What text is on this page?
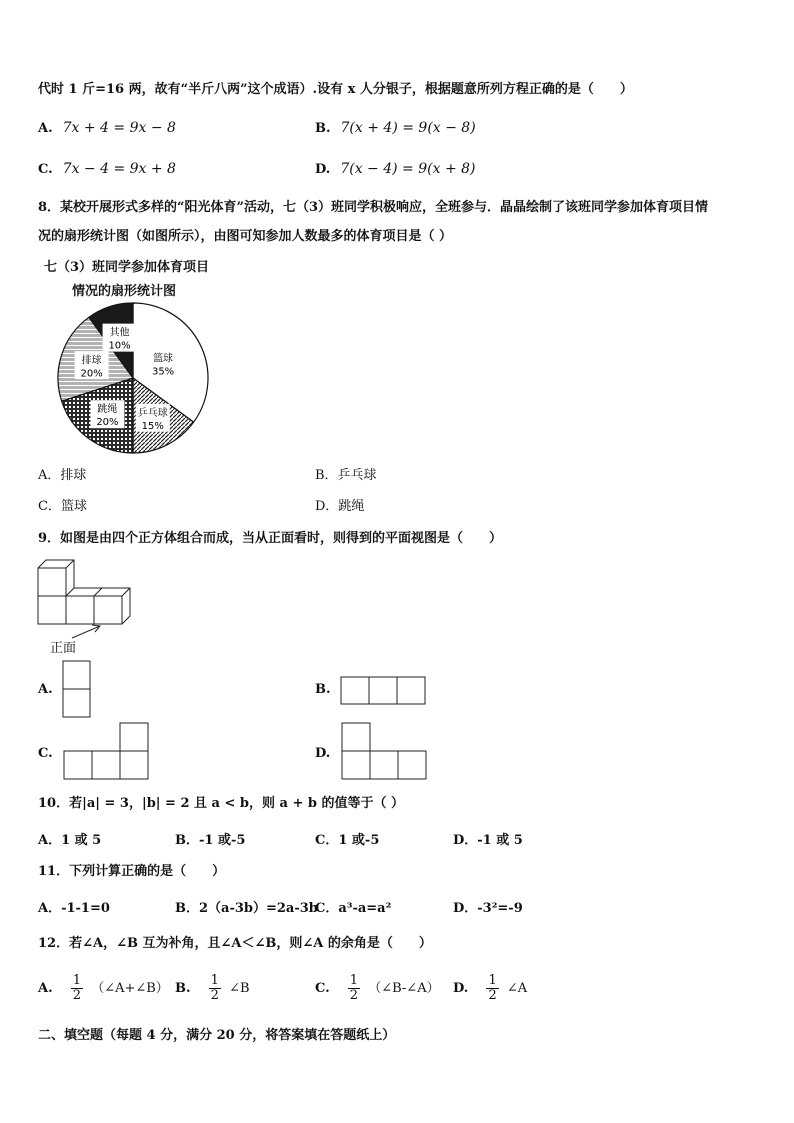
代时 1 斤=16 两，故有“半斤八两”这个成语）.设有 x 人分银子，根据题意所列方程正确的是（　　）
A. 7x + 4 = 9x − 8	B. 7(x + 4) = 9(x − 8)
C. 7x − 4 = 9x + 8	D. 7(x − 4) = 9(x + 8)
8．某校开展形式多样的“阳光体育”活动，七（3）班同学积极响应，全班参与．晶晶绘制了该班同学参加体育项目情
况的扇形统计图（如图所示），由图可知参加人数最多的体育项目是（ ）
七（3）班同学参加体育项目
情况的扇形统计图
篮球
35%
乒乓球
15%
跳绳
20%
排球
20%
其他
10%
A．排球	B．乒乓球
C．篮球	D．跳绳
9．如图是由四个正方体组合而成，当从正面看时，则得到的平面视图是（　　）
正面
A.	B.
C.	D.
10．若|a| = 3，|b| = 2 且 a < b，则 a + b 的值等于（ ）
A．1 或 5	B．-1 或-5	C．1 或-5	D．-1 或 5
11．下列计算正确的是（　　）
A．-1-1=0	B．2（a-3b）=2a-3b
C．a³-a=a²	D．-3²=-9
12．若∠A，∠B 互为补角，且∠A＜∠B，则∠A 的余角是（　　）
A. $\frac{1}{2}$ （∠A+∠B） B. $\frac{1}{2}$ ∠B	C. $\frac{1}{2}$ （∠B-∠A） D. $\frac{1}{2}$ ∠A
二、填空题（每题 4 分，满分 20 分，将答案填在答题纸上）
